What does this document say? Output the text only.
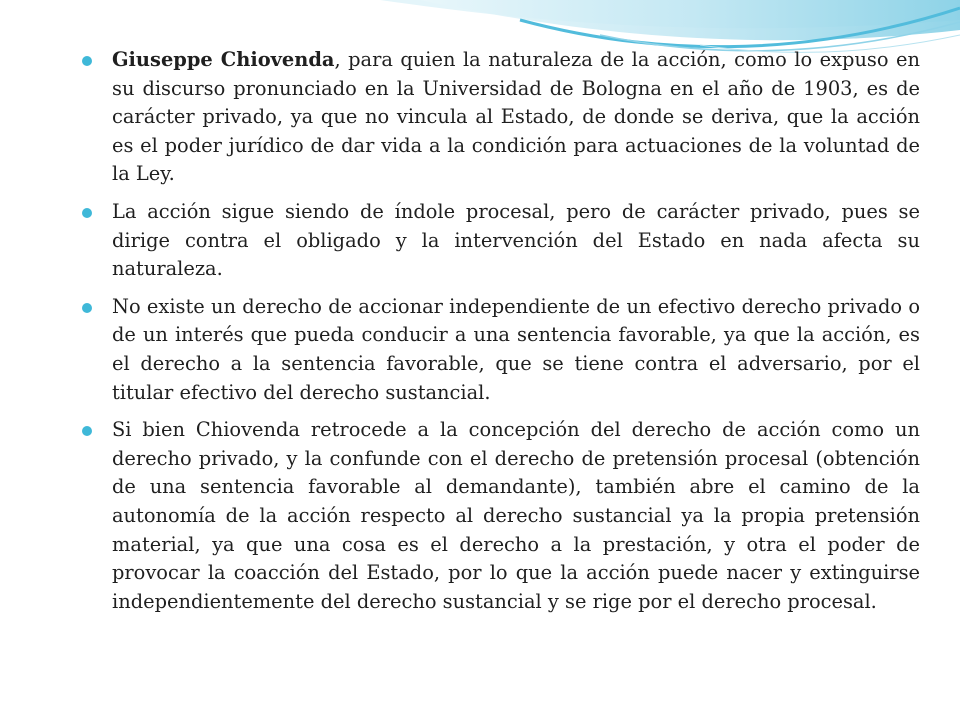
Giuseppe Chiovenda, para quien la naturaleza de la acción, como lo expuso en su discurso pronunciado en la Universidad de Bologna en el año de 1903, es de carácter privado, ya que no vincula al Estado, de donde se deriva, que la acción es el poder jurídico de dar vida a la condición para actuaciones de la voluntad de la Ley.
La acción sigue siendo de índole procesal, pero de carácter privado, pues se dirige contra el obligado y la intervención del Estado en nada afecta su naturaleza.
No existe un derecho de accionar independiente de un efectivo derecho privado o de un interés que pueda conducir a una sentencia favorable, ya que la acción, es el derecho a la sentencia favorable, que se tiene contra el adversario, por el titular efectivo del derecho sustancial.
Si bien Chiovenda retrocede a la concepción del derecho de acción como un derecho privado, y la confunde con el derecho de pretensión procesal (obtención de una sentencia favorable al demandante), también abre el camino de la autonomía de la acción respecto al derecho sustancial ya la propia pretensión material, ya que una cosa es el derecho a la prestación, y otra el poder de provocar la coacción del Estado, por lo que la acción puede nacer y extinguirse independientemente del derecho sustancial y se rige por el derecho procesal.
